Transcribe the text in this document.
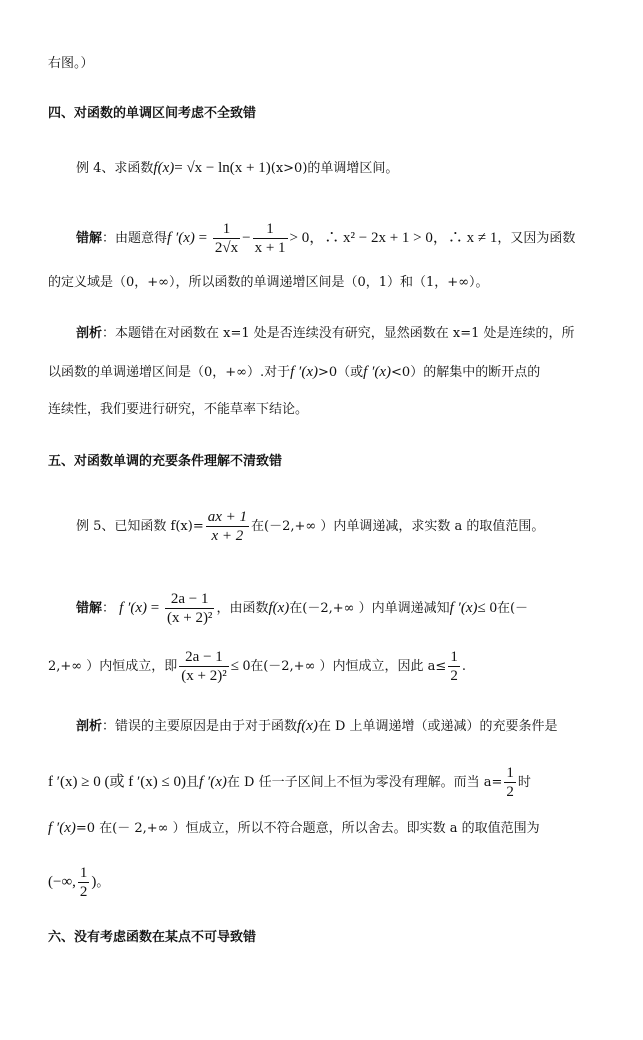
右图。）
四、对函数的单调区间考虑不全致错
例 4、求函数f(x)= √x − ln(x + 1)(x>0)的单调增区间。
错解：由题意得f $'(x) = \frac{1}{2√x} - \frac{1}{x + 1} > 0$，∴ x² − 2x + 1 > 0，∴ x ≠ 1，又因为函数
的定义域是（0，+∞），所以函数的单调递增区间是（0，1）和（1，+∞）。
剖析：本题错在对函数在 x=1 处是否连续没有研究，显然函数在 x=1 处是连续的，所
以函数的单调递增区间是（0，+∞）.对于f ′(x)>0（或f ′(x)<0）的解集中的断开点的
连续性，我们要进行研究，不能草率下结论。
五、对函数单调的充要条件理解不清致错
例 5、已知函数 $f(x)= \frac{ax + 1}{x + 2}$ 在(－2,+∞ ）内单调递减，求实数 a 的取值范围。
错解： f $'(x) = \frac{2a - 1}{\text{(x + 2)²}}$ ，由函数f(x)在(－2,+∞ ）内单调递减知f ′(x)≤ 0在(－
2,+∞ ）内恒成立，即 $\frac{2a - 1}{\text{(x + 2)²}} \le 0$在(－2,+∞ ）内恒成立，因此 $a\le \frac{1}{2}$ .
剖析：错误的主要原因是由于对于函数f(x)在 D 上单调递增（或递减）的充要条件是
f ′(x) ≥ 0 (或 f ′(x) ≤ 0)且f ′(x)在 D 任一子区间上不恒为零没有理解。而当 $a= \frac{1}{2}$ 时
f ′(x)=0 在(－ 2,+∞ ）恒成立，所以不符合题意，所以舍去。即实数 a 的取值范围为
(−∞, $\frac{1}{2}$ )。
六、没有考虑函数在某点不可导致错
